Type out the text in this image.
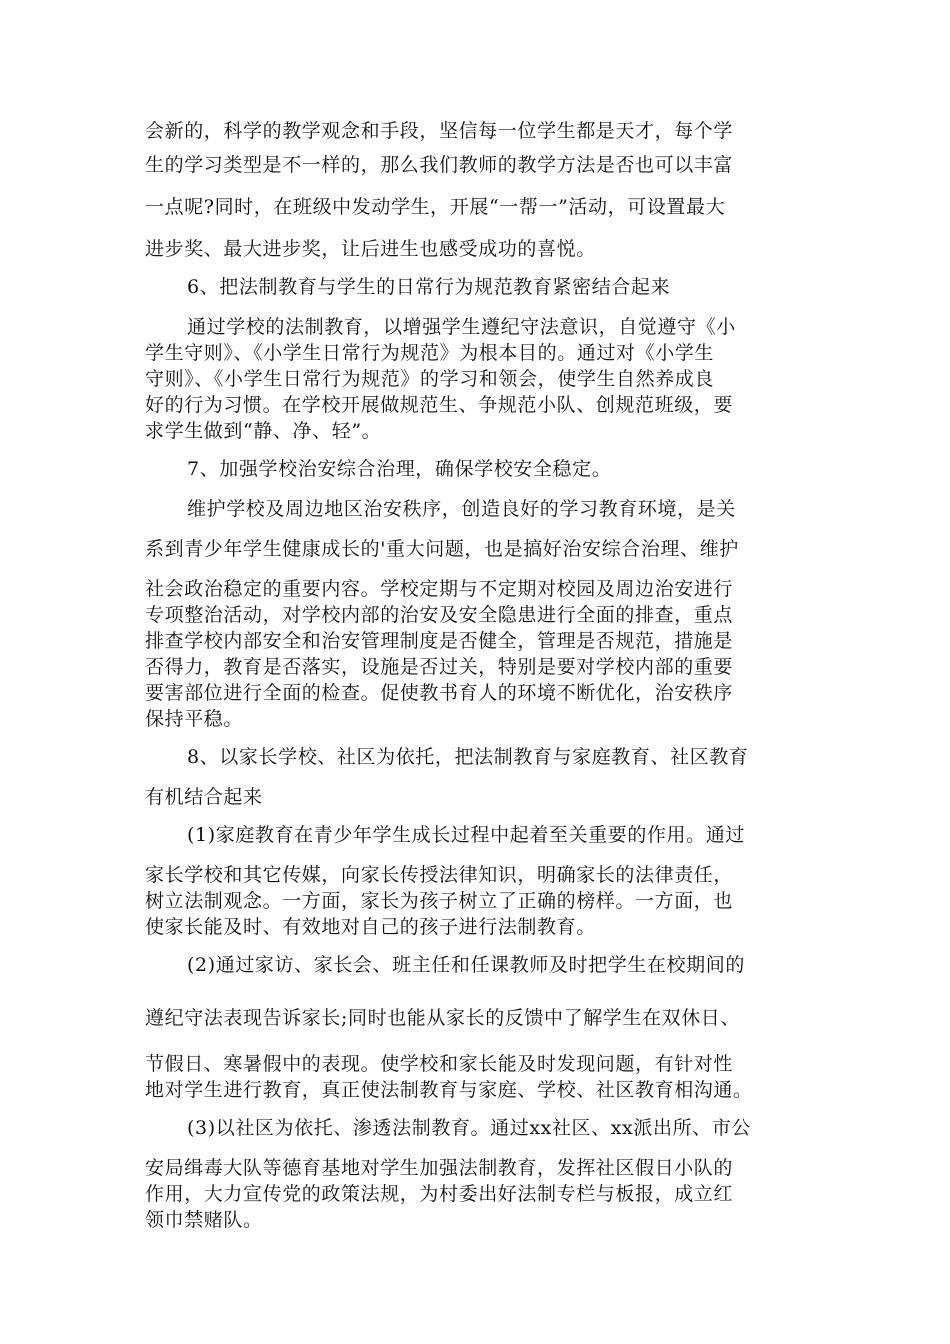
会新的，科学的教学观念和手段，坚信每一位学生都是天才，每个学
生的学习类型是不一样的，那么我们教师的教学方法是否也可以丰富
一点呢?同时，在班级中发动学生，开展“一帮一”活动，可设置最大
进步奖、最大进步奖，让后进生也感受成功的喜悦。
6、把法制教育与学生的日常行为规范教育紧密结合起来
通过学校的法制教育，以增强学生遵纪守法意识，自觉遵守《小
学生守则》、《小学生日常行为规范》为根本目的。通过对《小学生
守则》、《小学生日常行为规范》的学习和领会，使学生自然养成良
好的行为习惯。在学校开展做规范生、争规范小队、创规范班级，要
求学生做到“静、净、轻”。
7、加强学校治安综合治理，确保学校安全稳定。
维护学校及周边地区治安秩序，创造良好的学习教育环境，是关
系到青少年学生健康成长的'重大问题，也是搞好治安综合治理、维护
社会政治稳定的重要内容。学校定期与不定期对校园及周边治安进行
专项整治活动，对学校内部的治安及安全隐患进行全面的排查，重点
排查学校内部安全和治安管理制度是否健全，管理是否规范，措施是
否得力，教育是否落实，设施是否过关，特别是要对学校内部的重要
要害部位进行全面的检查。促使教书育人的环境不断优化，治安秩序
保持平稳。
8、以家长学校、社区为依托，把法制教育与家庭教育、社区教育
有机结合起来
(1)家庭教育在青少年学生成长过程中起着至关重要的作用。通过
家长学校和其它传媒，向家长传授法律知识，明确家长的法律责任，
树立法制观念。一方面，家长为孩子树立了正确的榜样。一方面，也
使家长能及时、有效地对自己的孩子进行法制教育。
(2)通过家访、家长会、班主任和任课教师及时把学生在校期间的
遵纪守法表现告诉家长;同时也能从家长的反馈中了解学生在双休日、
节假日、寒暑假中的表现。使学校和家长能及时发现问题，有针对性
地对学生进行教育，真正使法制教育与家庭、学校、社区教育相沟通。
(3)以社区为依托、渗透法制教育。通过xx社区、xx派出所、市公
安局缉毒大队等德育基地对学生加强法制教育，发挥社区假日小队的
作用，大力宣传党的政策法规，为村委出好法制专栏与板报，成立红
领巾禁赌队。
